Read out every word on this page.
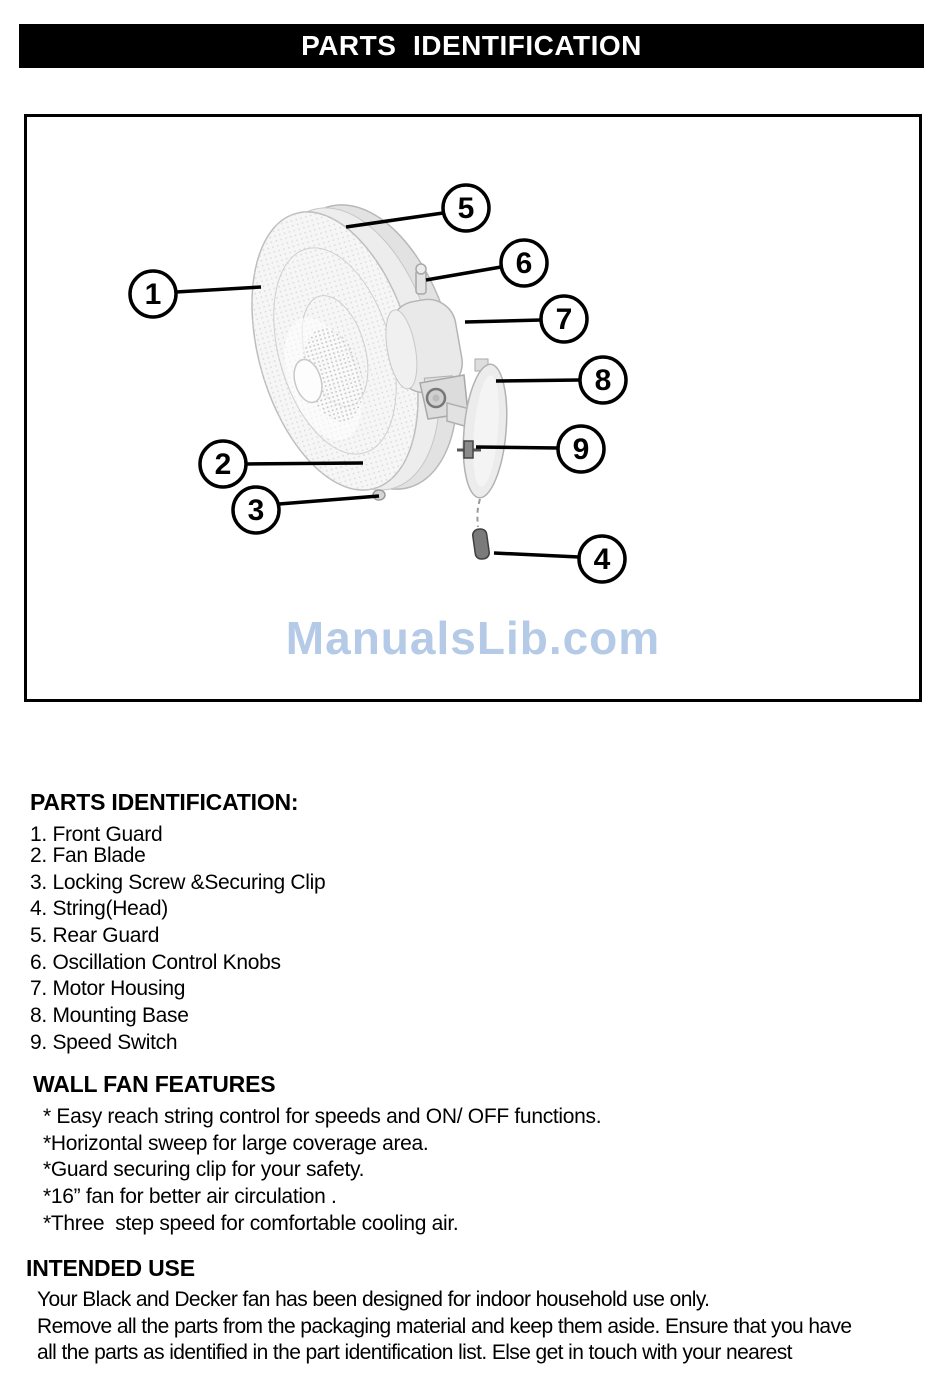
PARTS  IDENTIFICATION
1
2
3
4
5
6
7
8
9
ManualsLib.com
PARTS IDENTIFICATION:
1. Front Guard
2. Fan Blade
3. Locking Screw &Securing Clip
4. String(Head)
5. Rear Guard
6. Oscillation Control Knobs
7. Motor Housing
8. Mounting Base
9. Speed Switch
WALL FAN FEATURES
* Easy reach string control for speeds and ON/ OFF functions.
*Horizontal sweep for large coverage area.
*Guard securing clip for your safety.
*16” fan for better air circulation .
*Three  step speed for comfortable cooling air.
INTENDED USE
Your Black and Decker fan has been designed for indoor household use only.
Remove all the parts from the packaging material and keep them aside. Ensure that you have
all the parts as identified in the part identification list. Else get in touch with your nearest
